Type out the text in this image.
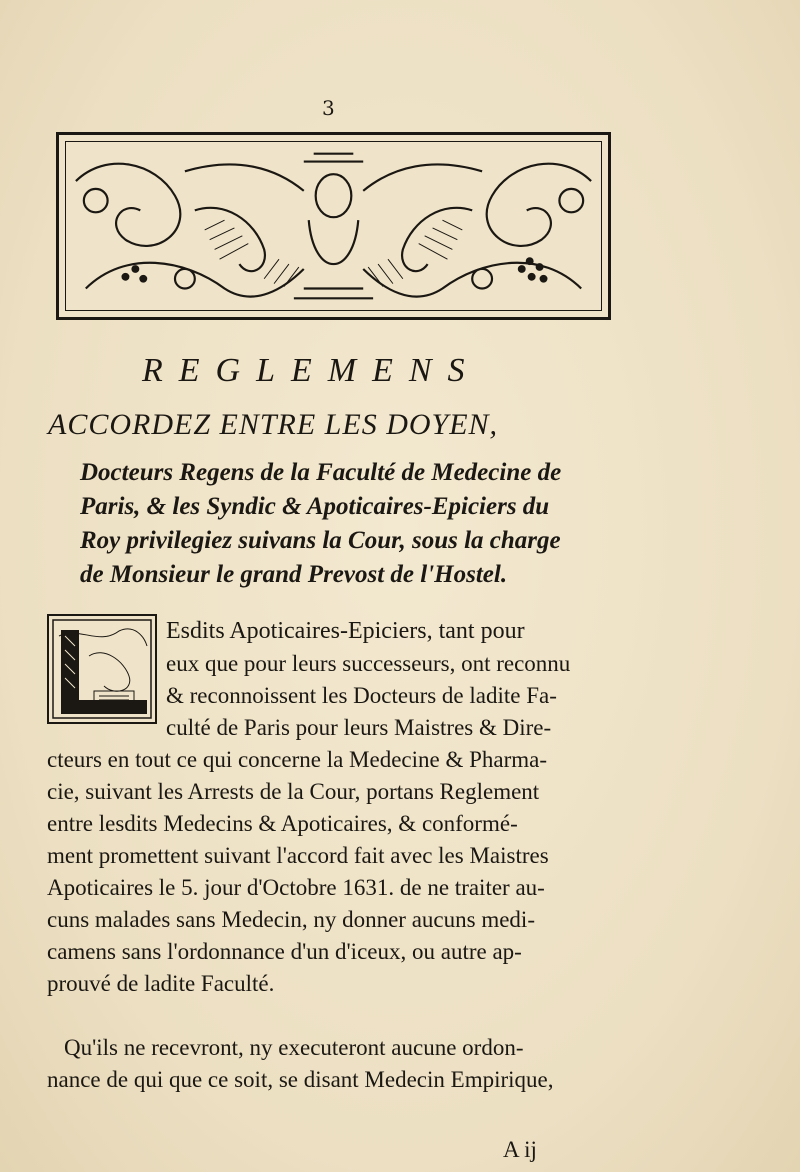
3
REGLEMENS
ACCORDEZ ENTRE LES DOYEN,
Docteurs Regens de la Faculté de Medecine de
Paris, & les Syndic & Apoticaires-Epiciers du
Roy privilegiez suivans la Cour, sous la charge
de Monsieur le grand Prevost de l'Hostel.
Esdits Apoticaires-Epiciers, tant pour
eux que pour leurs successeurs, ont reconnu
& reconnoissent les Docteurs de ladite Fa-
culté de Paris pour leurs Maistres & Dire-
cteurs en tout ce qui concerne la Medecine & Pharma-
cie, suivant les Arrests de la Cour, portans Reglement
entre lesdits Medecins & Apoticaires, & conformé-
ment promettent suivant l'accord fait avec les Maistres
Apoticaires le 5. jour d'Octobre 1631. de ne traiter au-
cuns malades sans Medecin, ny donner aucuns medi-
camens sans l'ordonnance d'un d'iceux, ou autre ap-
prouvé de ladite Faculté.
Qu'ils ne recevront, ny executeront aucune ordon-
nance de qui que ce soit, se disant Medecin Empirique,
A ij
